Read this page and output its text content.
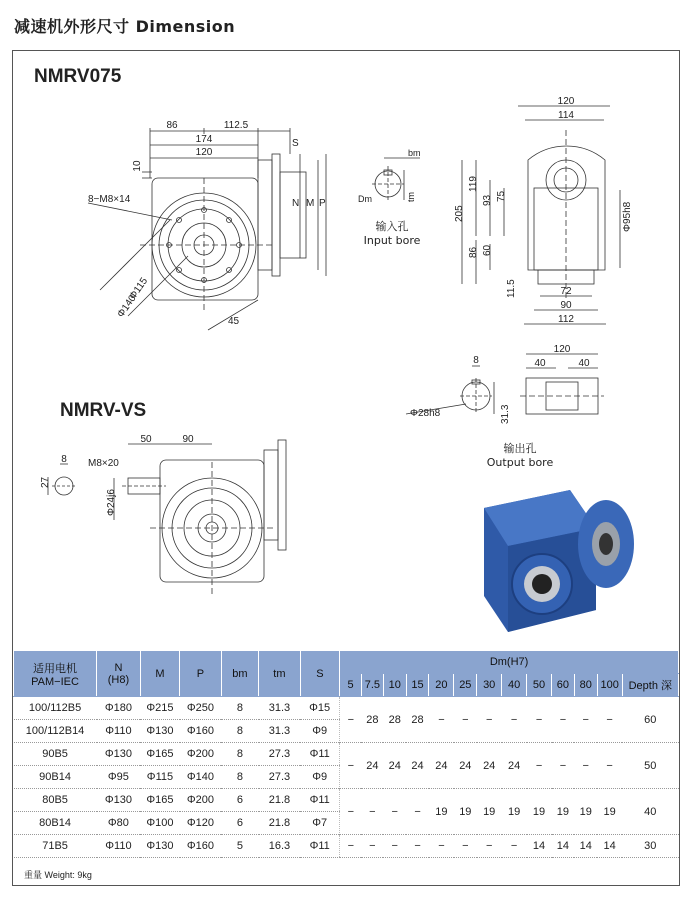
减速机外形尺寸 Dimension
NMRV075
NMRV-VS
86	112.5
174
120
10
8−M8×14
Φ115
Φ140
45
S
N M P
bm
Dm	tm
120
114
205
119
93 75
86 60
Φ95h8
11.5	72
90
112
8
Φ28h8	31.3
120
40	40
50	90
8 M8×20
27
Φ24j6
输入孔
Input bore
输出孔
Output bore
适用电机
PAM−IEC	N
(H8)	M	P	bm	tm	S	Dm(H7)												
							5	7.5	10	15	20	25	30	40	50	60	80	100	Depth 深
100/112B5	Φ180	Φ215	Φ250	8	31.3	Φ15	−	28	28	28	−	−	−	−	−	−	−	−	60
100/112B14	Φ110	Φ130	Φ160	8	31.3	Φ9													
90B5	Φ130	Φ165	Φ200	8	27.3	Φ11	−	24	24	24	24	24	24	24	−	−	−	−	50
90B14	Φ95	Φ115	Φ140	8	27.3	Φ9													
80B5	Φ130	Φ165	Φ200	6	21.8	Φ11	−	−	−	−	19	19	19	19	19	19	19	19	40
80B14	Φ80	Φ100	Φ120	6	21.8	Φ7													
71B5	Φ110	Φ130	Φ160	5	16.3	Φ11	−	−	−	−	−	−	−	−	14	14	14	14	30
重量 Weight: 9kg
